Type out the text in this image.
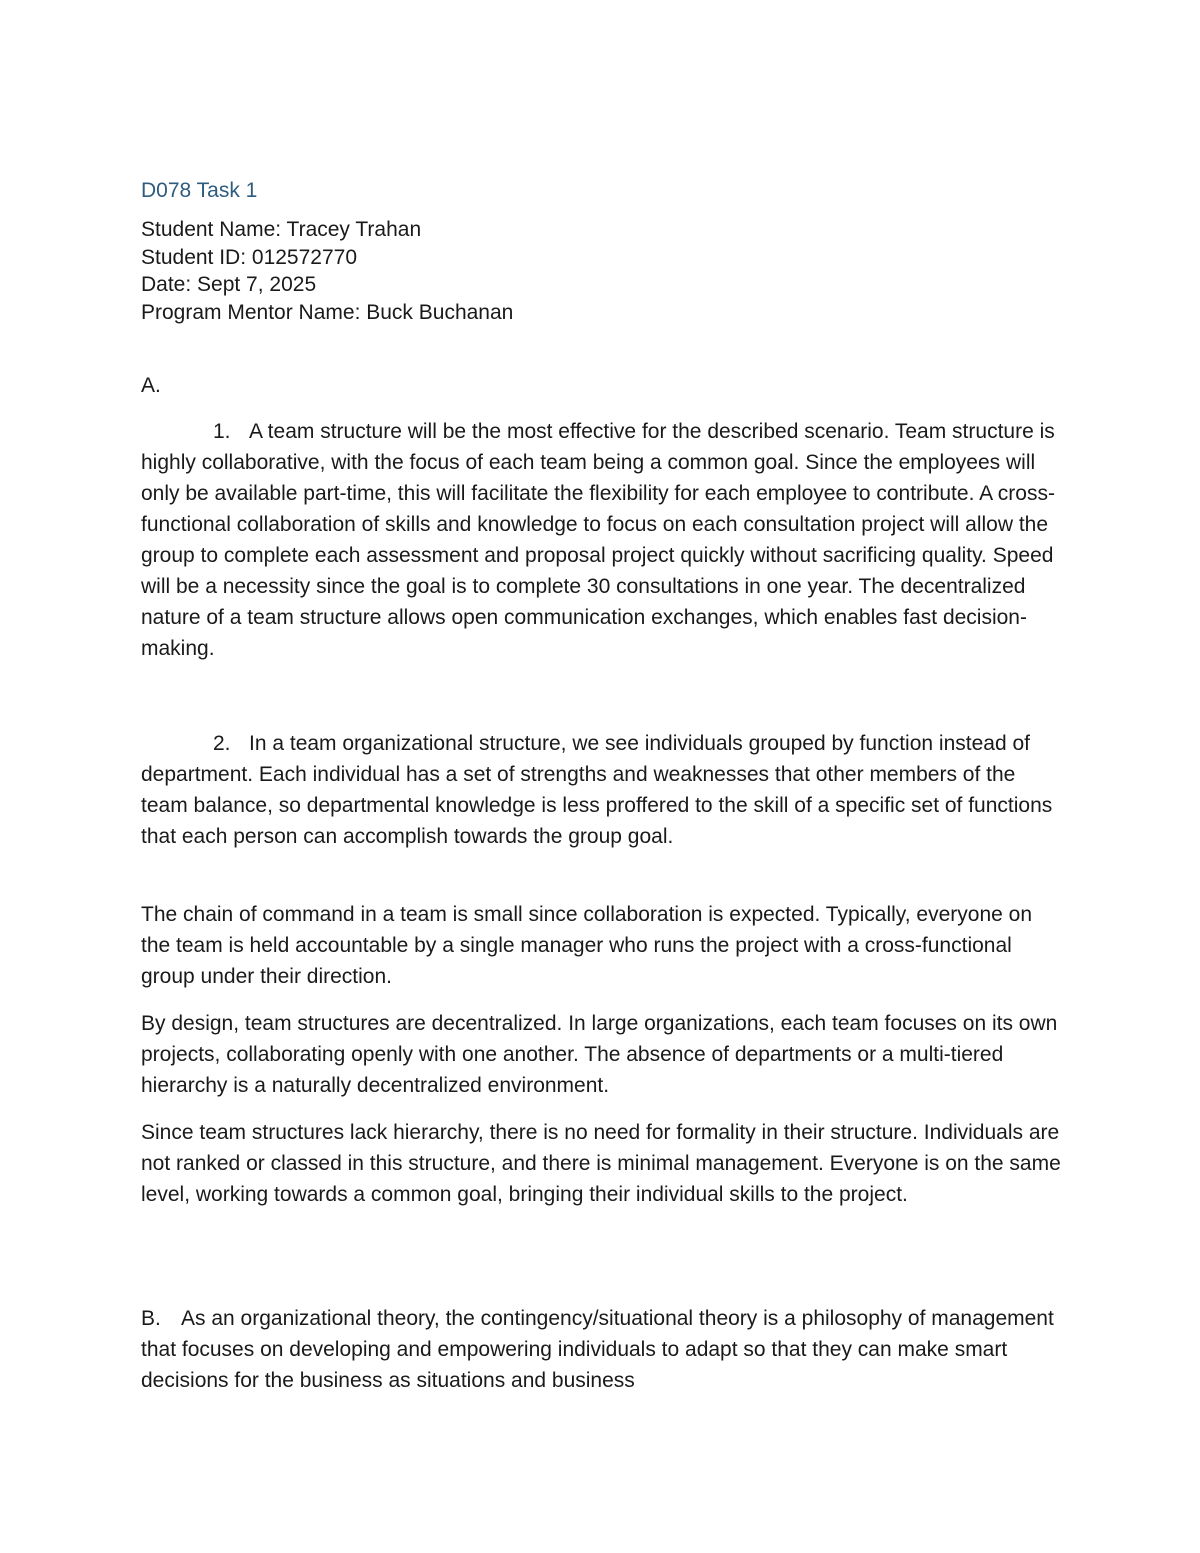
D078 Task 1
Student Name: Tracey Trahan
Student ID: 012572770
Date: Sept 7, 2025
Program Mentor Name: Buck Buchanan

A.

1. A team structure will be the most effective for the described scenario. Team structure is highly collaborative, with the focus of each team being a common goal. Since the employees will only be available part-time, this will facilitate the flexibility for each employee to contribute. A cross-functional collaboration of skills and knowledge to focus on each consultation project will allow the group to complete each assessment and proposal project quickly without sacrificing quality. Speed will be a necessity since the goal is to complete 30 consultations in one year. The decentralized nature of a team structure allows open communication exchanges, which enables fast decision-making.

2. In a team organizational structure, we see individuals grouped by function instead of department. Each individual has a set of strengths and weaknesses that other members of the team balance, so departmental knowledge is less proffered to the skill of a specific set of functions that each person can accomplish towards the group goal.

The chain of command in a team is small since collaboration is expected. Typically, everyone on the team is held accountable by a single manager who runs the project with a cross-functional group under their direction.

By design, team structures are decentralized. In large organizations, each team focuses on its own projects, collaborating openly with one another. The absence of departments or a multi-tiered hierarchy is a naturally decentralized environment.

Since team structures lack hierarchy, there is no need for formality in their structure. Individuals are not ranked or classed in this structure, and there is minimal management. Everyone is on the same level, working towards a common goal, bringing their individual skills to the project.

B. As an organizational theory, the contingency/situational theory is a philosophy of management that focuses on developing and empowering individuals to adapt so that they can make smart decisions for the business as situations and business
